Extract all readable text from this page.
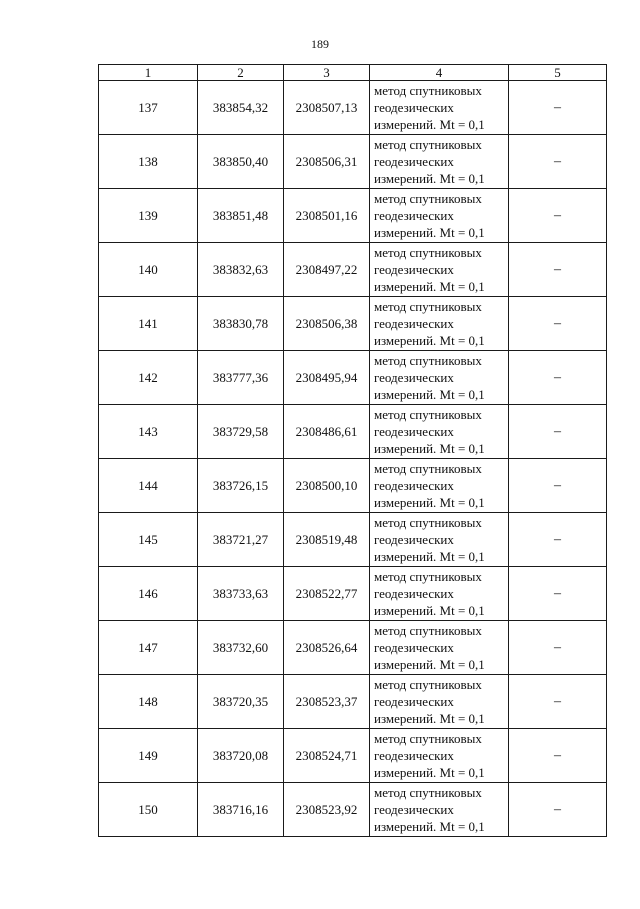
189
1	2	3	4	5
137	383854,32	2308507,13	метод спутниковых
геодезических
измерений. Mt = 0,1	–
138	383850,40	2308506,31	метод спутниковых
геодезических
измерений. Mt = 0,1	–
139	383851,48	2308501,16	метод спутниковых
геодезических
измерений. Mt = 0,1	–
140	383832,63	2308497,22	метод спутниковых
геодезических
измерений. Mt = 0,1	–
141	383830,78	2308506,38	метод спутниковых
геодезических
измерений. Mt = 0,1	–
142	383777,36	2308495,94	метод спутниковых
геодезических
измерений. Mt = 0,1	–
143	383729,58	2308486,61	метод спутниковых
геодезических
измерений. Mt = 0,1	–
144	383726,15	2308500,10	метод спутниковых
геодезических
измерений. Mt = 0,1	–
145	383721,27	2308519,48	метод спутниковых
геодезических
измерений. Mt = 0,1	–
146	383733,63	2308522,77	метод спутниковых
геодезических
измерений. Mt = 0,1	–
147	383732,60	2308526,64	метод спутниковых
геодезических
измерений. Mt = 0,1	–
148	383720,35	2308523,37	метод спутниковых
геодезических
измерений. Mt = 0,1	–
149	383720,08	2308524,71	метод спутниковых
геодезических
измерений. Mt = 0,1	–
150	383716,16	2308523,92	метод спутниковых
геодезических
измерений. Mt = 0,1	–
